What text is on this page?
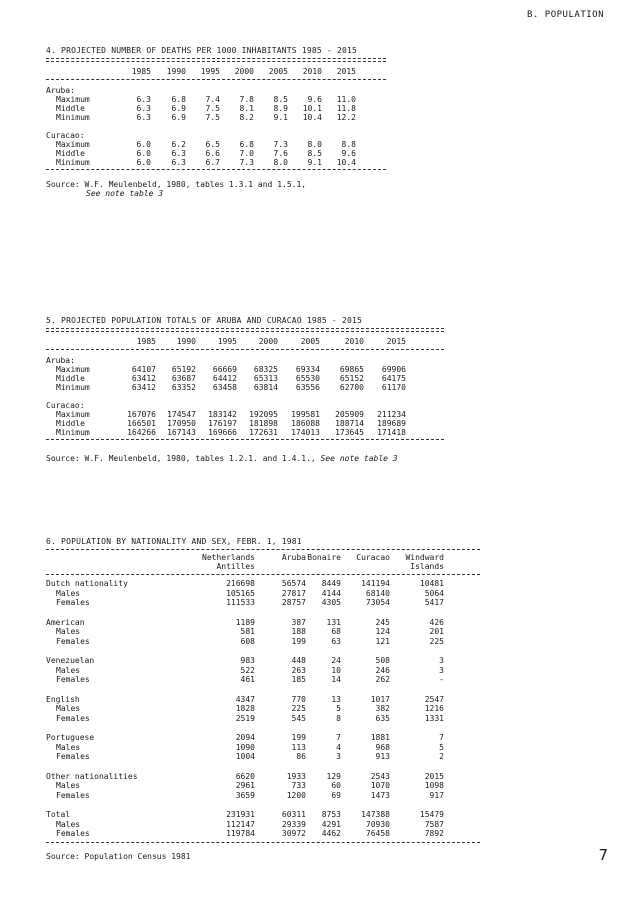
B. POPULATION
4. PROJECTED NUMBER OF DEATHS PER 1000 INHABITANTS 1985 - 2015
1985 1990 1995 2000 2005 2010 2015
Aruba:
Maximum	6.3	6.8 7.4 7.8 8.5 9.6 11.0
Middle	6.3	6.9 7.5 8.1 8.9 10.1 11.8
Minimum	6.3	6.9 7.5 8.2 9.1 10.4 12.2
Curacao:
Maximum	6.0	6.2 6.5 6.8 7.3 8.0 8.8
Middle	6.0	6.3 6.6 7.0 7.6 8.5 9.6
Minimum	6.0	6.3 6.7 7.3 8.0 9.1 10.4
Source: W.F. Meulenbeld, 1980, tables 1.3.1 and 1.5.1,
See note table 3
5. PROJECTED POPULATION TOTALS OF ARUBA AND CURACAO 1985 - 2015
1985	1990	1995	2000	2005	2010	2015
Aruba:
Maximum	64107 65192 66669 68325 69334 69865 69906
Middle	63412 63687 64412 65313 65530 65152 64175
Minimum	63412 63352 63458 63814 63556 62700 61170
Curacao:
Maximum	167076 174547 183142 192095 199581 205909 211234
Middle	166501 170950 176197 181898 186088 188714 189689
Minimum	164266 167143 169666 172631 174013 173645 171418
Source: W.F. Meulenbeld, 1980, tables 1.2.1. and 1.4.1., See note table 3
6. POPULATION BY NATIONALITY AND SEX, FEBR. 1, 1981
Netherlands
Antilles
Aruba Bonaire Curacao Windward
Islands
Dutch nationality	216698	56574 8449	141194	10481
Males	105165	27817 4144	68140	5064
Females	111533	28757 4305	73054	5417
American	1189	387	131	245	426
Males	581	188	68	124	201
Females	608	199	63	121	225
Venezuelan	983	448	24	508	3
Males	522	263	10	246	3
Females	461	185	14	262	-
English	4347	770	13	1017	2547
Males	1828	225	5	382	1216
Females	2519	545	8	635	1331
Portuguese	2094	199	7	1881	7
Males	1090	113	4	968	5
Females	1004	86	3	913	2
Other nationalities	6620	1933	129	2543	2015
Males	2961	733	60	1070	1098
Females	3659	1200	69	1473	917
Total	231931	60311 8753	147388	15479
Males	112147	29339 4291	70930	7587
Females	119784	30972 4462	76458	7892
Source: Population Census 1981	7
